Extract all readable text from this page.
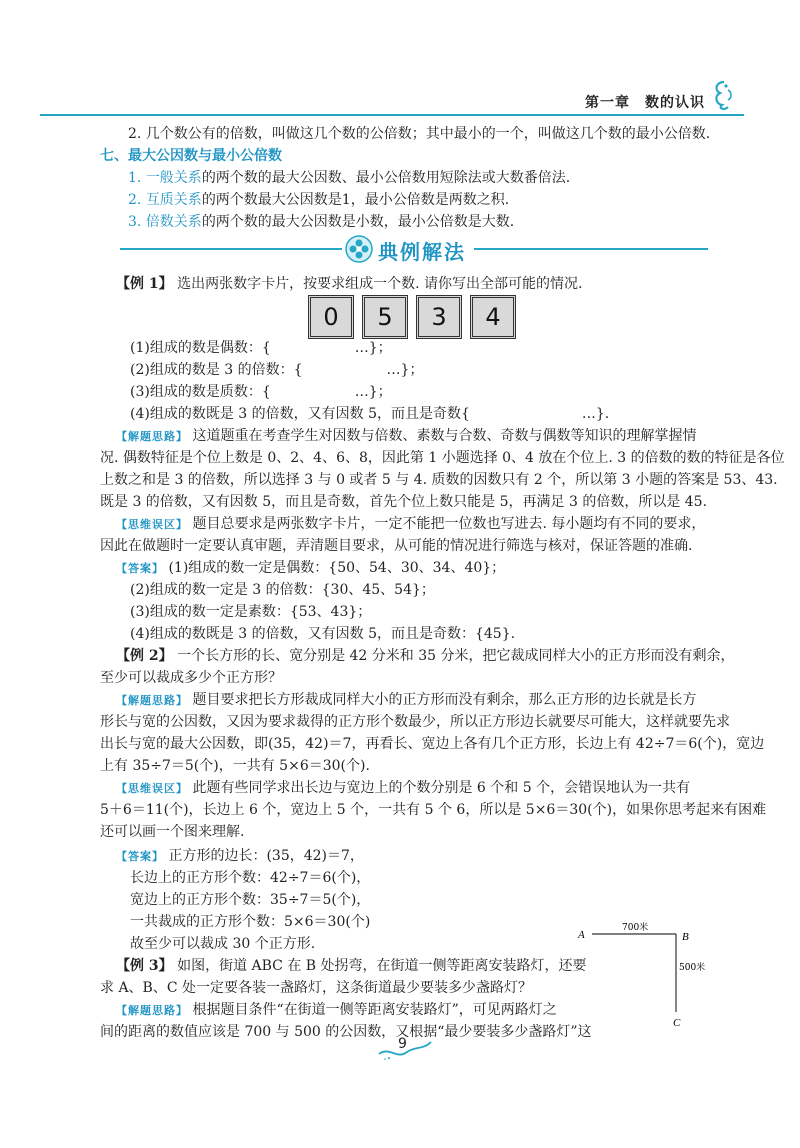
第一章　数的认识
2. 几个数公有的倍数，叫做这几个数的公倍数；其中最小的一个，叫做这几个数的最小公倍数.
七、最大公因数与最小公倍数
1. 一般关系的两个数的最大公因数、最小公倍数用短除法或大数番倍法.
2. 互质关系的两个数最大公因数是1，最小公倍数是两数之积.
3. 倍数关系的两个数的最大公因数是小数，最小公倍数是大数.
典例解法
【例 1】 选出两张数字卡片，按要求组成一个数. 请你写出全部可能的情况.
0	5	3	4
(1)组成的数是偶数：{　　　　　　…}；
(2)组成的数是 3 的倍数：{　　　　　　…}；
(3)组成的数是质数：{　　　　　　…}；
(4)组成的数既是 3 的倍数，又有因数 5，而且是奇数{　　　　　　　　…}.
【解题思路】 这道题重在考查学生对因数与倍数、素数与合数、奇数与偶数等知识的理解掌握情
况. 偶数特征是个位上数是 0、2、4、6、8，因此第 1 小题选择 0、4 放在个位上. 3 的倍数的数的特征是各位
上数之和是 3 的倍数，所以选择 3 与 0 或者 5 与 4. 质数的因数只有 2 个，所以第 3 小题的答案是 53、43.
既是 3 的倍数，又有因数 5，而且是奇数，首先个位上数只能是 5，再满足 3 的倍数，所以是 45.
【思维误区】 题目总要求是两张数字卡片，一定不能把一位数也写进去. 每小题均有不同的要求，
因此在做题时一定要认真审题，弄清题目要求，从可能的情况进行筛选与核对，保证答题的准确.
【答案】 (1)组成的数一定是偶数：{50、54、30、34、40}；
(2)组成的数一定是 3 的倍数：{30、45、54}；
(3)组成的数一定是素数：{53、43}；
(4)组成的数既是 3 的倍数，又有因数 5，而且是奇数：{45}.
【例 2】 一个长方形的长、宽分别是 42 分米和 35 分米，把它裁成同样大小的正方形而没有剩余，
至少可以裁成多少个正方形？
【解题思路】 题目要求把长方形裁成同样大小的正方形而没有剩余，那么正方形的边长就是长方
形长与宽的公因数，又因为要求裁得的正方形个数最少，所以正方形边长就要尽可能大，这样就要先求
出长与宽的最大公因数，即(35，42)＝7，再看长、宽边上各有几个正方形，长边上有 42÷7＝6(个)，宽边
上有 35÷7＝5(个)，一共有 5×6＝30(个).
【思维误区】 此题有些同学求出长边与宽边上的个数分别是 6 个和 5 个，会错误地认为一共有
5＋6＝11(个)，长边上 6 个，宽边上 5 个，一共有 5 个 6，所以是 5×6＝30(个)，如果你思考起来有困难
还可以画一个图来理解.
【答案】 正方形的边长：(35，42)＝7，
长边上的正方形个数：42÷7＝6(个)，
宽边上的正方形个数：35÷7＝5(个)，
一共裁成的正方形个数：5×6＝30(个)
故至少可以裁成 30 个正方形.
【例 3】 如图，街道 ABC 在 B 处拐弯，在街道一侧等距离安装路灯，还要
求 A、B、C 处一定要各装一盏路灯，这条街道最少要装多少盏路灯？
【解题思路】 根据题目条件“在街道一侧等距离安装路灯”，可见两路灯之
间的距离的数值应该是 700 与 500 的公因数，又根据“最少要装多少盏路灯”这
A	B
C
700米
500米
9
